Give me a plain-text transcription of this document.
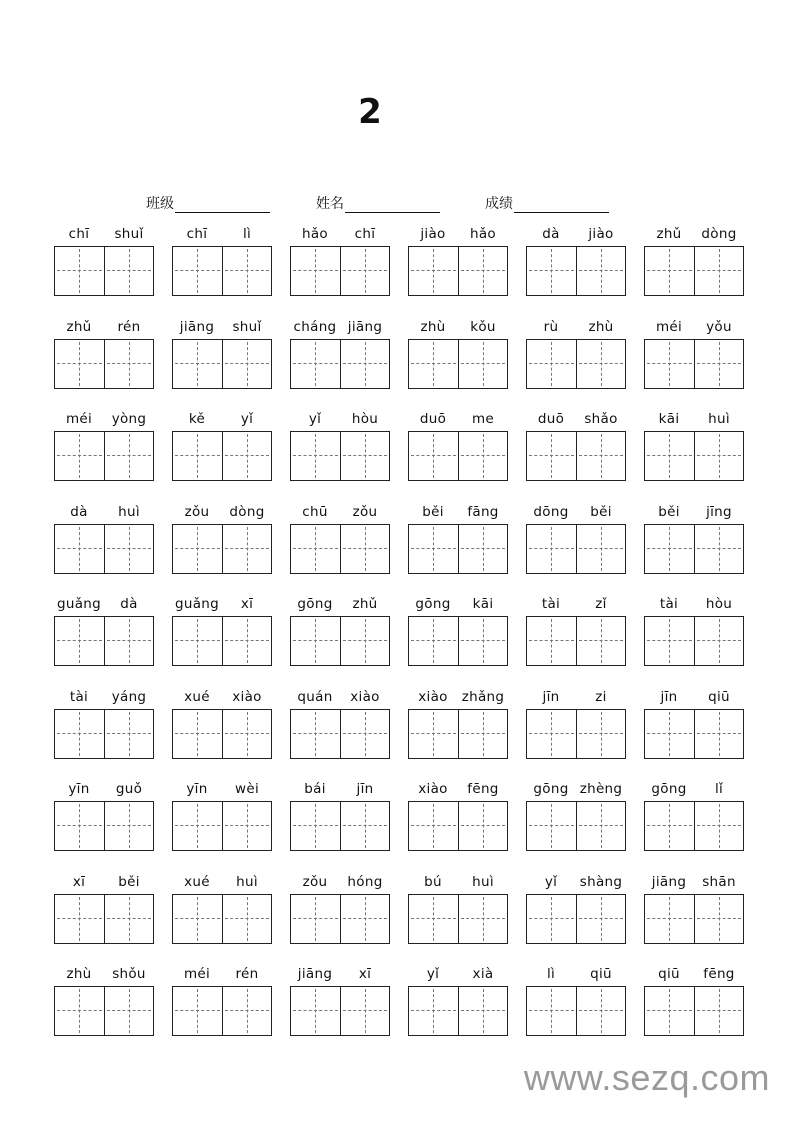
2
班级	姓名	成绩
chī	shuǐ	chī	lì	hǎo	chī	jiào	hǎo	dà	jiào	zhǔ	dòng
zhǔ	rén	jiāng	shuǐ	cháng jiāng	zhù	kǒu	rù	zhù	méi	yǒu
méi	yòng	kě	yǐ	yǐ	hòu	duō	me	duō	shǎo	kāi	huì
dà	huì	zǒu	dòng	chū	zǒu	běi	fāng	dōng	běi	běi	jīng
guǎng	dà	guǎng	xī	gōng	zhǔ	gōng	kāi	tài	zǐ	tài	hòu
tài	yáng	xué	xiào	quán	xiào	xiào	zhǎng	jīn	zi	jīn	qiū
yīn	guǒ	yīn	wèi	bái	jīn	xiào	fēng	gōng zhèng	gōng	lǐ
xī	běi	xué	huì	zǒu	hóng	bú	huì	yǐ	shàng	jiāng	shān
zhù	shǒu	méi	rén	jiāng	xī	yǐ	xià	lì	qiū	qiū	fēng
www.sezq.com
